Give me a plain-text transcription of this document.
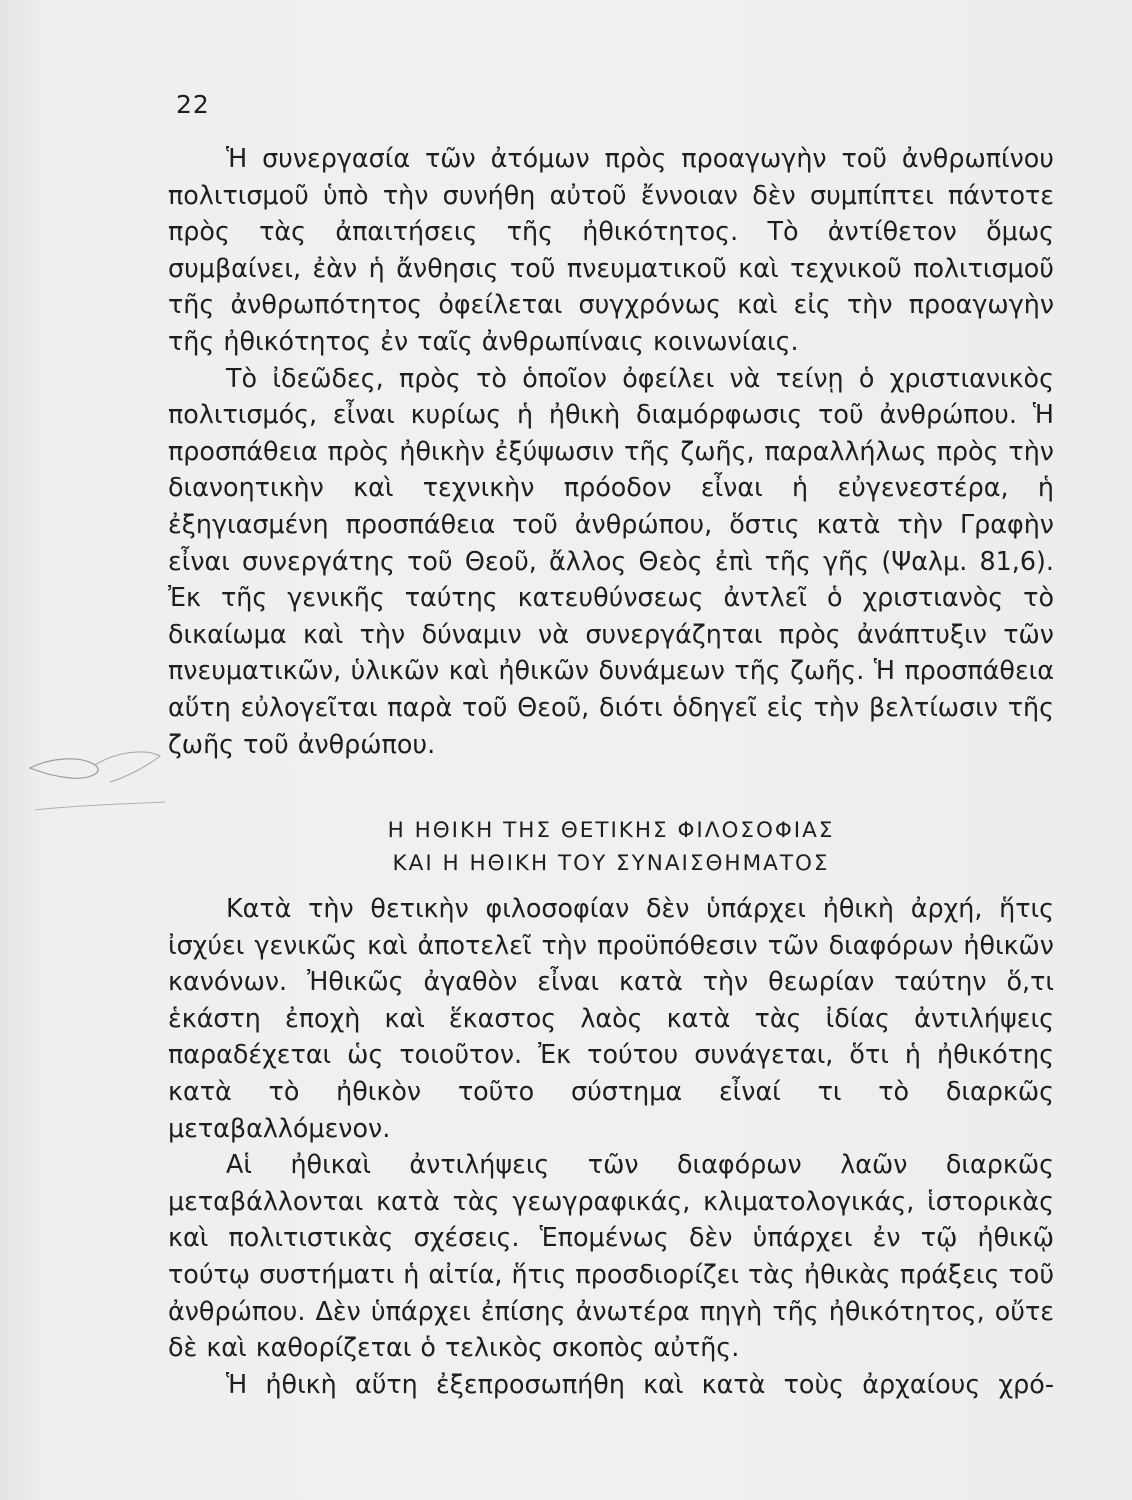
22

Ἡ συνεργασία τῶν ἀτόμων πρὸς προαγωγὴν τοῦ ἀνθρωπίνου πολιτισμοῦ ὑπὸ τὴν συνήθη αὐτοῦ ἔννοιαν δὲν συμπίπτει πάντοτε πρὸς τὰς ἀπαιτήσεις τῆς ἠθικότητος. Τὸ ἀντίθετον ὅμως συμβαίνει, ἐὰν ἡ ἄνθησις τοῦ πνευματικοῦ καὶ τεχνικοῦ πολιτισμοῦ τῆς ἀνθρωπότητος ὀφείλεται συγχρόνως καὶ εἰς τὴν προαγωγὴν τῆς ἠθικότητος ἐν ταῖς ἀνθρωπίναις κοινωνίαις.

Τὸ ἰδεῶδες, πρὸς τὸ ὁποῖον ὀφείλει νὰ τείνῃ ὁ χριστιανικὸς πολιτισμός, εἶναι κυρίως ἡ ἠθικὴ διαμόρφωσις τοῦ ἀνθρώπου. Ἡ προσπάθεια πρὸς ἠθικὴν ἐξύψωσιν τῆς ζωῆς, παραλλήλως πρὸς τὴν διανοητικὴν καὶ τεχνικὴν πρόοδον εἶναι ἡ εὐγενεστέρα, ἡ ἐξηγιασμένη προσπάθεια τοῦ ἀνθρώπου, ὅστις κατὰ τὴν Γραφὴν εἶναι συνεργάτης τοῦ Θεοῦ, ἄλλος Θεὸς ἐπὶ τῆς γῆς (Ψαλμ. 81,6). Ἐκ τῆς γενικῆς ταύτης κατευθύνσεως ἀντλεῖ ὁ χριστιανὸς τὸ δικαίωμα καὶ τὴν δύναμιν νὰ συνεργάζηται πρὸς ἀνάπτυξιν τῶν πνευματικῶν, ὑλικῶν καὶ ἠθικῶν δυνάμεων τῆς ζωῆς. Ἡ προσπάθεια αὕτη εὐλογεῖται παρὰ τοῦ Θεοῦ, διότι ὁδηγεῖ εἰς τὴν βελτίωσιν τῆς ζωῆς τοῦ ἀνθρώπου.

Η ΗΘΙΚΗ ΤΗΣ ΘΕΤΙΚΗΣ ΦΙΛΟΣΟΦΙΑΣ

ΚΑΙ Η ΗΘΙΚΗ ΤΟΥ ΣΥΝΑΙΣΘΗΜΑΤΟΣ

Κατὰ τὴν θετικὴν φιλοσοφίαν δὲν ὑπάρχει ἠθικὴ ἀρχή, ἥτις ἰσχύει γενικῶς καὶ ἀποτελεῖ τὴν προϋπόθεσιν τῶν διαφόρων ἠθικῶν κανόνων. Ἠθικῶς ἀγαθὸν εἶναι κατὰ τὴν θεωρίαν ταύτην ὅ,τι ἑκάστη ἐποχὴ καὶ ἕκαστος λαὸς κατὰ τὰς ἰδίας ἀντιλήψεις παραδέχεται ὡς τοιοῦτον. Ἐκ τούτου συνάγεται, ὅτι ἡ ἠθικότης κατὰ τὸ ἠθικὸν τοῦτο σύστημα εἶναί τι τὸ διαρκῶς μεταβαλλόμενον.

Αἱ ἠθικαὶ ἀντιλήψεις τῶν διαφόρων λαῶν διαρκῶς μεταβάλλονται κατὰ τὰς γεωγραφικάς, κλιματολογικάς, ἱστορικὰς καὶ πολιτιστικὰς σχέσεις. Ἑπομένως δὲν ὑπάρχει ἐν τῷ ἠθικῷ τούτῳ συστήματι ἡ αἰτία, ἥτις προσδιορίζει τὰς ἠθικὰς πράξεις τοῦ ἀνθρώπου. Δὲν ὑπάρχει ἐπίσης ἀνωτέρα πηγὴ τῆς ἠθικότητος, οὔτε δὲ καὶ καθορίζεται ὁ τελικὸς σκοπὸς αὐτῆς.

Ἡ ἠθικὴ αὕτη ἐξεπροσωπήθη καὶ κατὰ τοὺς ἀρχαίους χρό-
